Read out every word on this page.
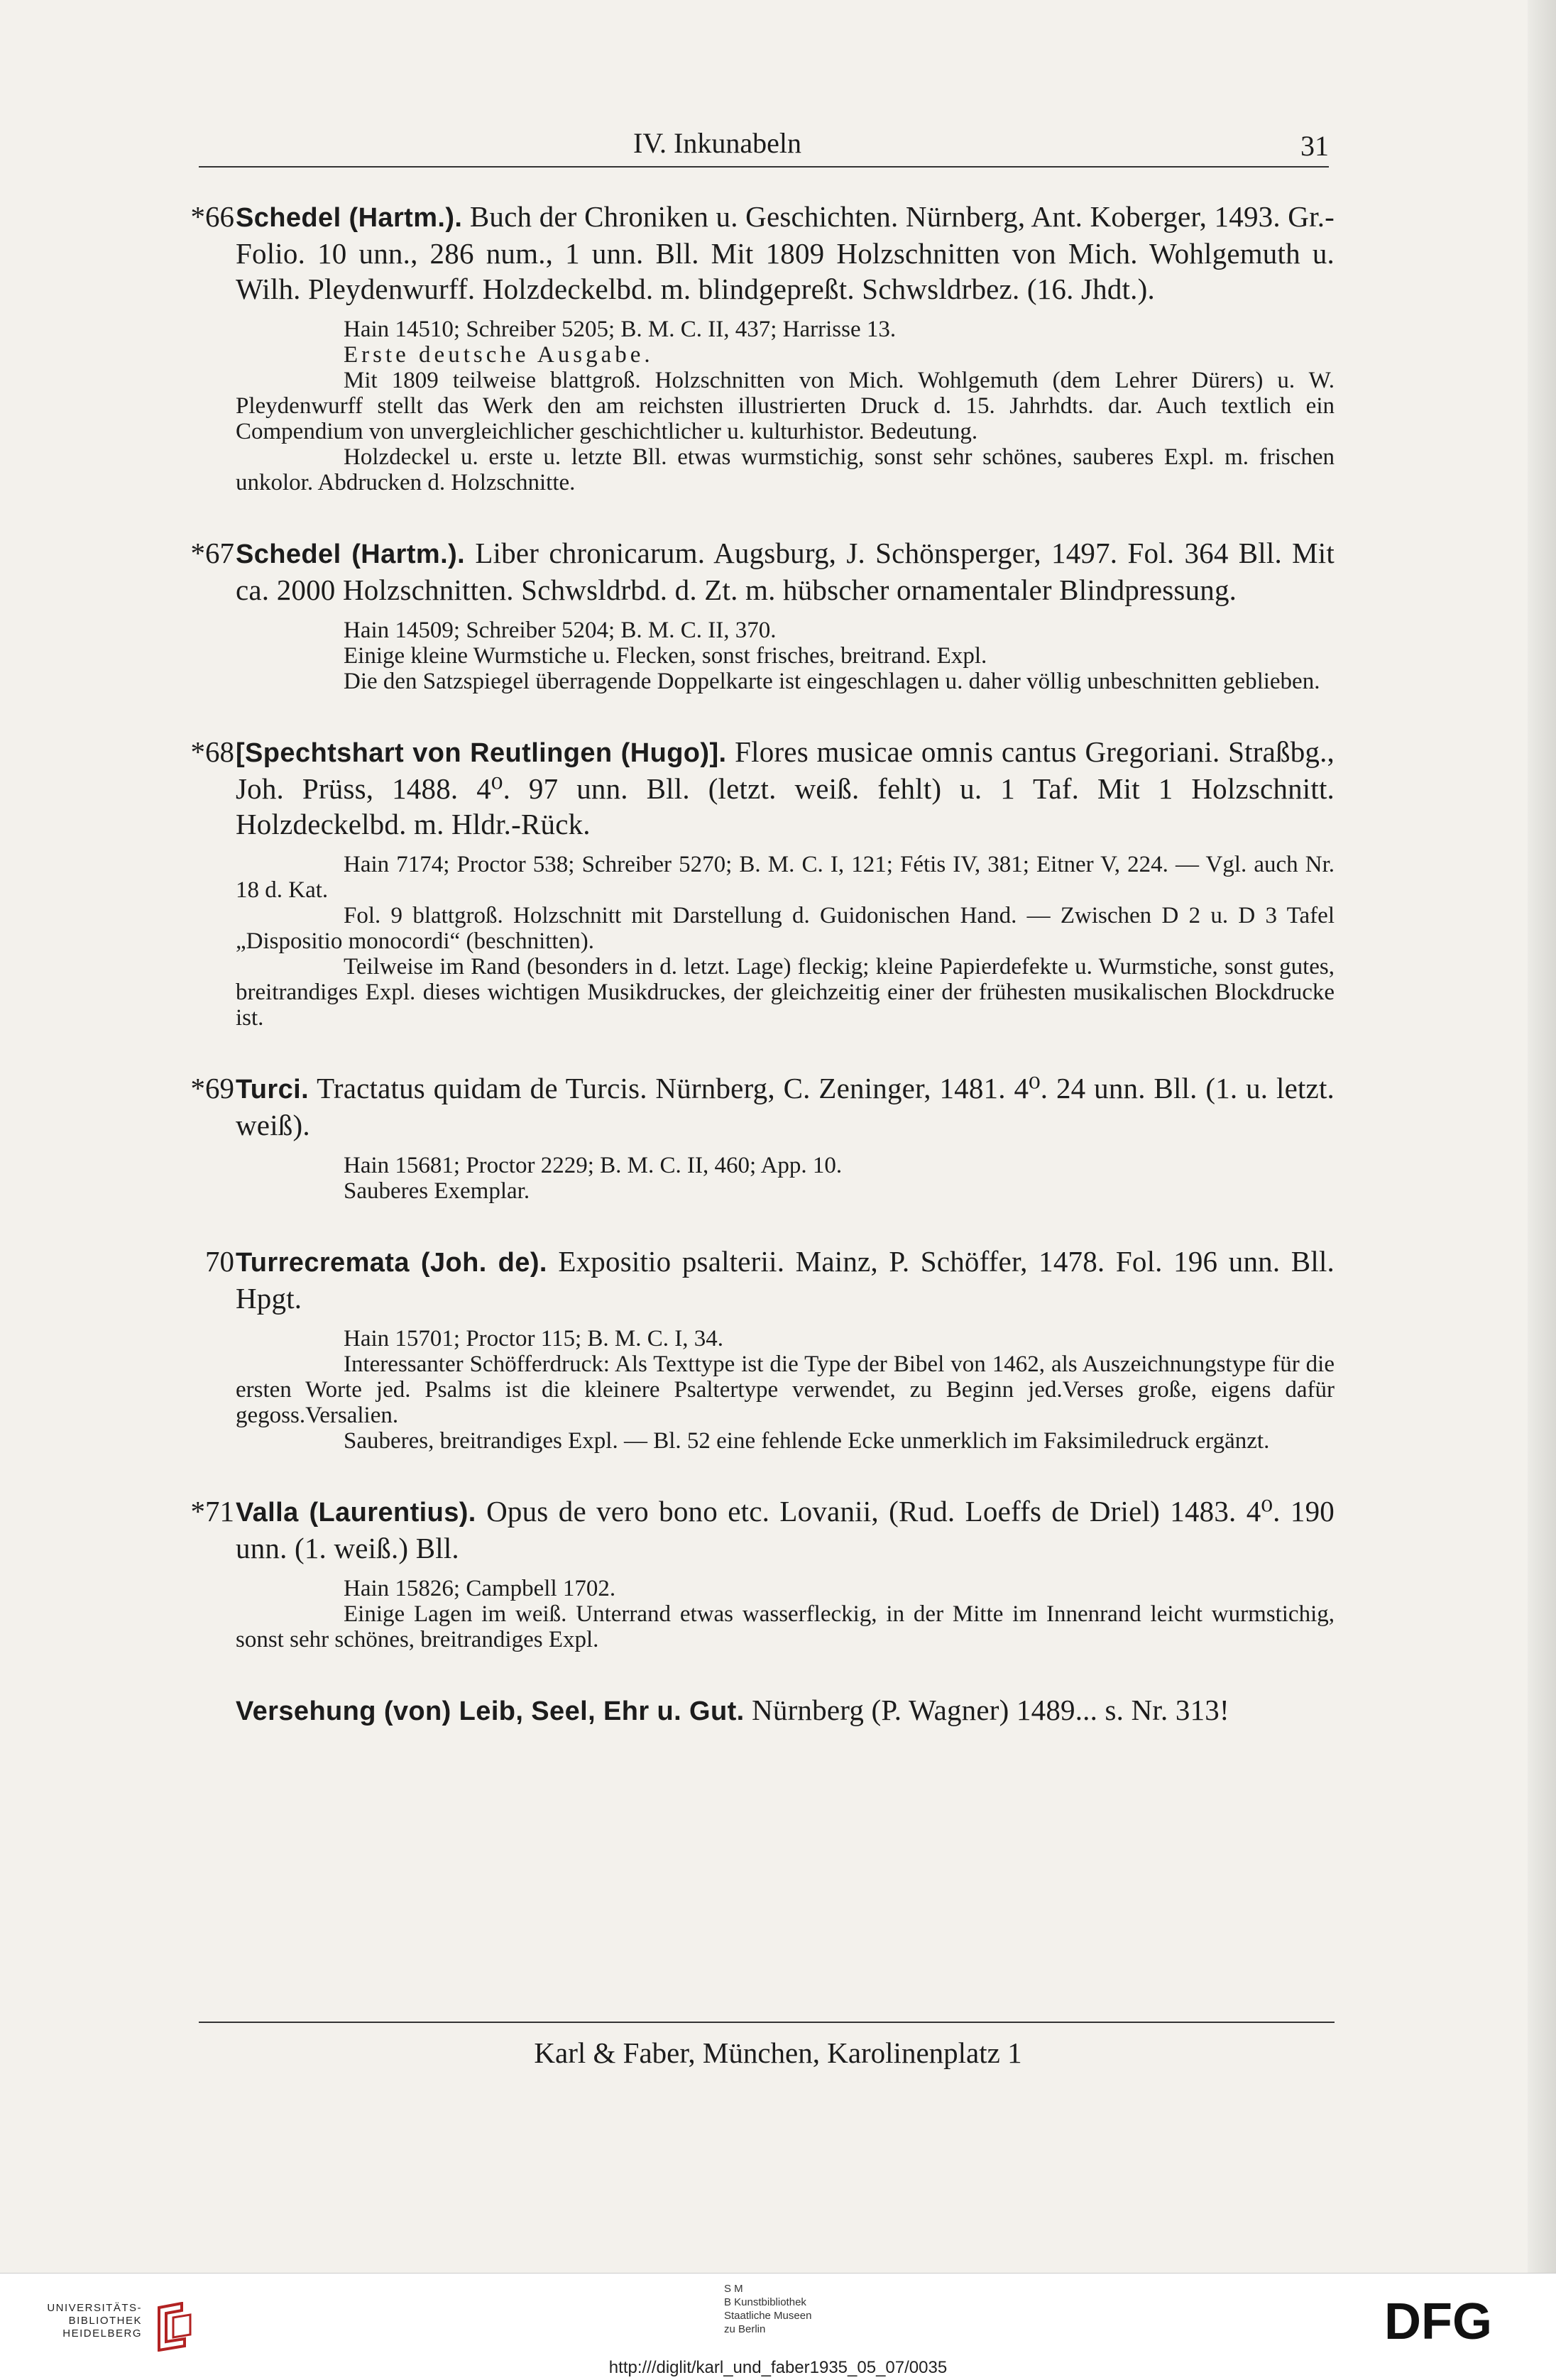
IV. Inkunabeln	31
*66 Schedel (Hartm.). Buch der Chroniken u. Geschichten. Nürnberg, Ant. Koberger, 1493. Gr.-Folio. 10 unn., 286 num., 1 unn. Bll. Mit 1809 Holzschnitten von Mich. Wohlgemuth u. Wilh. Pleydenwurff. Holzdeckelbd. m. blindgepreßt. Schwsldrbez. (16. Jhdt.).

Hain 14510; Schreiber 5205; B. M. C. II, 437; Harrisse 13.

Erste deutsche Ausgabe.

Mit 1809 teilweise blattgroß. Holzschnitten von Mich. Wohlgemuth (dem Lehrer Dürers) u. W. Pleydenwurff stellt das Werk den am reichsten illustrierten Druck d. 15. Jahrhdts. dar. Auch textlich ein Compendium von unvergleichlicher geschichtlicher u. kulturhistor. Bedeutung.

Holzdeckel u. erste u. letzte Bll. etwas wurmstichig, sonst sehr schönes, sauberes Expl. m. frischen unkolor. Abdrucken d. Holzschnitte.

*67 Schedel (Hartm.). Liber chronicarum. Augsburg, J. Schönsperger, 1497. Fol. 364 Bll. Mit ca. 2000 Holzschnitten. Schwsldrbd. d. Zt. m. hübscher ornamentaler Blindpressung.

Hain 14509; Schreiber 5204; B. M. C. II, 370.

Einige kleine Wurmstiche u. Flecken, sonst frisches, breitrand. Expl.

Die den Satzspiegel überragende Doppelkarte ist eingeschlagen u. daher völlig unbeschnitten geblieben.

*68 [Spechtshart von Reutlingen (Hugo)]. Flores musicae omnis cantus Gregoriani. Straßbg., Joh. Prüss, 1488. 4⁰. 97 unn. Bll. (letzt. weiß. fehlt) u. 1 Taf. Mit 1 Holzschnitt. Holzdeckelbd. m. Hldr.-Rück.

Hain 7174; Proctor 538; Schreiber 5270; B. M. C. I, 121; Fétis IV, 381; Eitner V, 224. — Vgl. auch Nr. 18 d. Kat.

Fol. 9 blattgroß. Holzschnitt mit Darstellung d. Guidonischen Hand. — Zwischen D 2 u. D 3 Tafel „Dispositio monocordi“ (beschnitten).

Teilweise im Rand (besonders in d. letzt. Lage) fleckig; kleine Papierdefekte u. Wurmstiche, sonst gutes, breitrandiges Expl. dieses wichtigen Musikdruckes, der gleichzeitig einer der frühesten musikalischen Blockdrucke ist.

*69 Turci. Tractatus quidam de Turcis. Nürnberg, C. Zeninger, 1481. 4⁰. 24 unn. Bll. (1. u. letzt. weiß).

Hain 15681; Proctor 2229; B. M. C. II, 460; App. 10.

Sauberes Exemplar.

70 Turrecremata (Joh. de). Expositio psalterii. Mainz, P. Schöffer, 1478. Fol. 196 unn. Bll. Hpgt.

Hain 15701; Proctor 115; B. M. C. I, 34.

Interessanter Schöfferdruck: Als Texttype ist die Type der Bibel von 1462, als Auszeichnungstype für die ersten Worte jed. Psalms ist die kleinere Psaltertype verwendet, zu Beginn jed.Verses große, eigens dafür gegoss.Versalien.

Sauberes, breitrandiges Expl. — Bl. 52 eine fehlende Ecke unmerklich im Faksimiledruck ergänzt.

*71 Valla (Laurentius). Opus de vero bono etc. Lovanii, (Rud. Loeffs de Driel) 1483. 4⁰. 190 unn. (1. weiß.) Bll.

Hain 15826; Campbell 1702.

Einige Lagen im weiß. Unterrand etwas wasserfleckig, in der Mitte im Innenrand leicht wurmstichig, sonst sehr schönes, breitrandiges Expl.

Versehung (von) Leib, Seel, Ehr u. Gut. Nürnberg (P. Wagner) 1489... s. Nr. 313!
Karl & Faber, München, Karolinenplatz 1
UNIVERSITÄTS- BIBLIOTHEK HEIDELBERG
S M
B Kunstbibliothek
Staatliche Museen
zu Berlin	DFG
http:///diglit/karl_und_faber1935_05_07/0035
